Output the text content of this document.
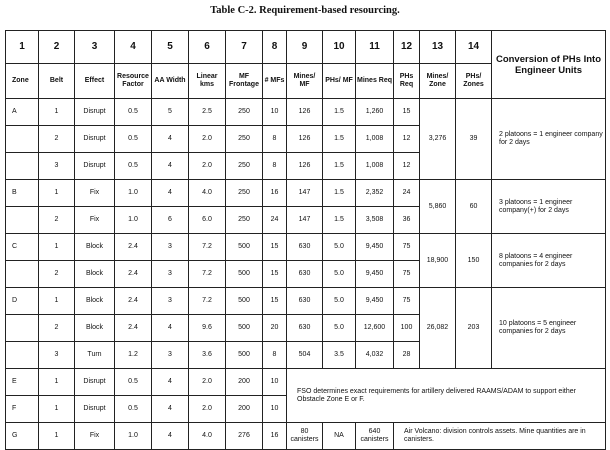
Table C-2. Requirement-based resourcing.
1	2	3	4	5	6	7	8	9	10	11	12	13	14	Conversion of PHs Into Engineer Units
Zone	Belt	Effect	Resource Factor	AA Width	Linear kms	MF Frontage	# MFs	Mines/ MF	PHs/ MF	Mines Req	PHs Req	Mines/ Zone	PHs/ Zones	
A	1	Disrupt	0.5	5	2.5	250	10	126	1.5	1,260	15	3,276	39	2 platoons = 1 engineer company for 2 days
	2	Disrupt	0.5	4	2.0	250	8	126	1.5	1,008	12			
	3	Disrupt	0.5	4	2.0	250	8	126	1.5	1,008	12			
B	1	Fix	1.0	4	4.0	250	16	147	1.5	2,352	24	5,860	60	3 platoons = 1 engineer company(+) for 2 days
	2	Fix	1.0	6	6.0	250	24	147	1.5	3,508	36			
C	1	Block	2.4	3	7.2	500	15	630	5.0	9,450	75	18,900	150	8 platoons = 4 engineer companies for 2 days
	2	Block	2.4	3	7.2	500	15	630	5.0	9,450	75			
D	1	Block	2.4	3	7.2	500	15	630	5.0	9,450	75	26,082	203	10 platoons = 5 engineer companies for 2 days
	2	Block	2.4	4	9.6	500	20	630	5.0	12,600	100			
	3	Turn	1.2	3	3.6	500	8	504	3.5	4,032	28			
E	1	Disrupt	0.5	4	2.0	200	10	FSO determines exact requirements for artillery delivered RAAMS/ADAM to support either Obstacle Zone E or F.						
F	1	Disrupt	0.5	4	2.0	200	10							
G	1	Fix	1.0	4	4.0	276	16	80 canisters	NA	640 canisters	Air Volcano: division controls assets. Mine quantities are in canisters.			
